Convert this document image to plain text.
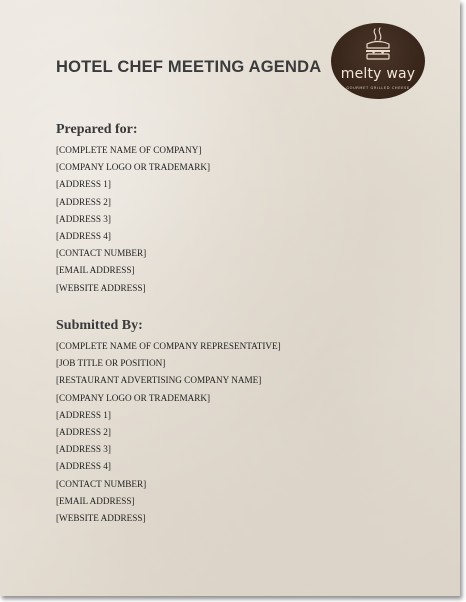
HOTEL CHEF MEETING AGENDA	melty way
GOURMET GRILLED CHEESE
Prepared for:
[COMPLETE NAME OF COMPANY]
[COMPANY LOGO OR TRADEMARK]
[ADDRESS 1]
[ADDRESS 2]
[ADDRESS 3]
[ADDRESS 4]
[CONTACT NUMBER]
[EMAIL ADDRESS]
[WEBSITE ADDRESS]
Submitted By:
[COMPLETE NAME OF COMPANY REPRESENTATIVE]
[JOB TITLE OR POSITION]
[RESTAURANT ADVERTISING COMPANY NAME]
[COMPANY LOGO OR TRADEMARK]
[ADDRESS 1]
[ADDRESS 2]
[ADDRESS 3]
[ADDRESS 4]
[CONTACT NUMBER]
[EMAIL ADDRESS]
[WEBSITE ADDRESS]
